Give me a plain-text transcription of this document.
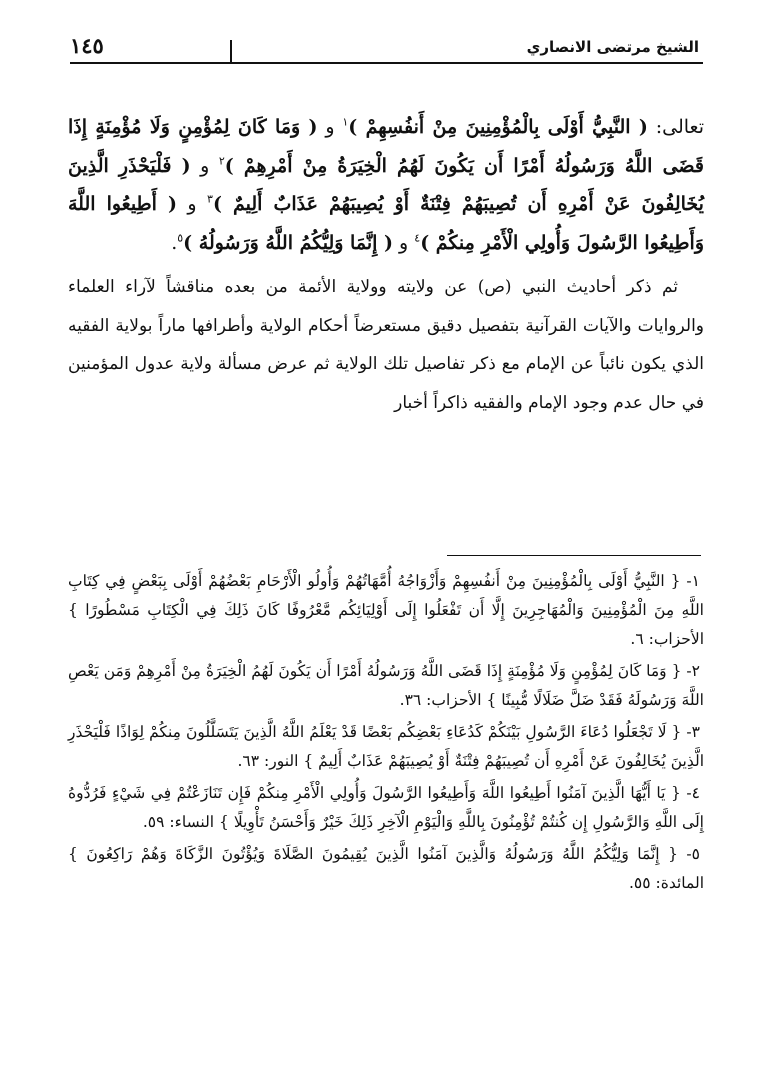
الشيخ مرتضى الانصاري
١٤٥

تعالى: ( النَّبِيُّ أَوْلَى بِالْمُؤْمِنِينَ مِنْ أَنفُسِهِمْ )$^١$ و ( وَمَا كَانَ لِمُؤْمِنٍ وَلَا مُؤْمِنَةٍ إِذَا قَضَى اللَّهُ وَرَسُولُهُ أَمْرًا أَن يَكُونَ لَهُمُ الْخِيَرَةُ مِنْ أَمْرِهِمْ )$^٢$ و ( فَلْيَحْذَرِ الَّذِينَ يُخَالِفُونَ عَنْ أَمْرِهِ أَن تُصِيبَهُمْ فِتْنَةٌ أَوْ يُصِيبَهُمْ عَذَابٌ أَلِيمٌ )$^٣$ و ( أَطِيعُوا اللَّهَ وَأَطِيعُوا الرَّسُولَ وَأُولِي الْأَمْرِ مِنكُمْ )$^٤$ و ( إِنَّمَا وَلِيُّكُمُ اللَّهُ وَرَسُولُهُ )$^٥$.

ثم ذكر أحاديث النبي (ص) عن ولايته وولاية الأئمة من بعده مناقشاً لآراء العلماء والروايات والآيات القرآنية بتفصيل دقيق مستعرضاً أحكام الولاية وأطرافها ماراً بولاية الفقيه الذي يكون نائباً عن الإمام مع ذكر تفاصيل تلك الولاية ثم عرض مسألة ولاية عدول المؤمنين في حال عدم وجود الإمام والفقيه ذاكراً أخبار

١- { النَّبِيُّ أَوْلَى بِالْمُؤْمِنِينَ مِنْ أَنفُسِهِمْ وَأَزْوَاجُهُ أُمَّهَاتُهُمْ وَأُولُو الْأَرْحَامِ بَعْضُهُمْ أَوْلَى بِبَعْضٍ فِي كِتَابِ اللَّهِ مِنَ الْمُؤْمِنِينَ وَالْمُهَاجِرِينَ إِلَّا أَن تَفْعَلُوا إِلَى أَوْلِيَائِكُم مَّعْرُوفًا كَانَ ذَلِكَ فِي الْكِتَابِ مَسْطُورًا } الأحزاب: ٦.

٢- { وَمَا كَانَ لِمُؤْمِنٍ وَلَا مُؤْمِنَةٍ إِذَا قَضَى اللَّهُ وَرَسُولُهُ أَمْرًا أَن يَكُونَ لَهُمُ الْخِيَرَةُ مِنْ أَمْرِهِمْ وَمَن يَعْصِ اللَّهَ وَرَسُولَهُ فَقَدْ ضَلَّ ضَلَالًا مُّبِينًا } الأحزاب: ٣٦.

٣- { لَا تَجْعَلُوا دُعَاءَ الرَّسُولِ بَيْنَكُمْ كَدُعَاءِ بَعْضِكُم بَعْضًا قَدْ يَعْلَمُ اللَّهُ الَّذِينَ يَتَسَلَّلُونَ مِنكُمْ لِوَاذًا فَلْيَحْذَرِ الَّذِينَ يُخَالِفُونَ عَنْ أَمْرِهِ أَن تُصِيبَهُمْ فِتْنَةٌ أَوْ يُصِيبَهُمْ عَذَابٌ أَلِيمٌ } النور: ٦٣.

٤- { يَا أَيُّهَا الَّذِينَ آمَنُوا أَطِيعُوا اللَّهَ وَأَطِيعُوا الرَّسُولَ وَأُولِي الْأَمْرِ مِنكُمْ فَإِن تَنَازَعْتُمْ فِي شَيْءٍ فَرُدُّوهُ إِلَى اللَّهِ وَالرَّسُولِ إِن كُنتُمْ تُؤْمِنُونَ بِاللَّهِ وَالْيَوْمِ الْآخِرِ ذَلِكَ خَيْرٌ وَأَحْسَنُ تَأْوِيلًا } النساء: ٥٩.

٥- { إِنَّمَا وَلِيُّكُمُ اللَّهُ وَرَسُولُهُ وَالَّذِينَ آمَنُوا الَّذِينَ يُقِيمُونَ الصَّلَاةَ وَيُؤْتُونَ الزَّكَاةَ وَهُمْ رَاكِعُونَ } المائدة: ٥٥.
